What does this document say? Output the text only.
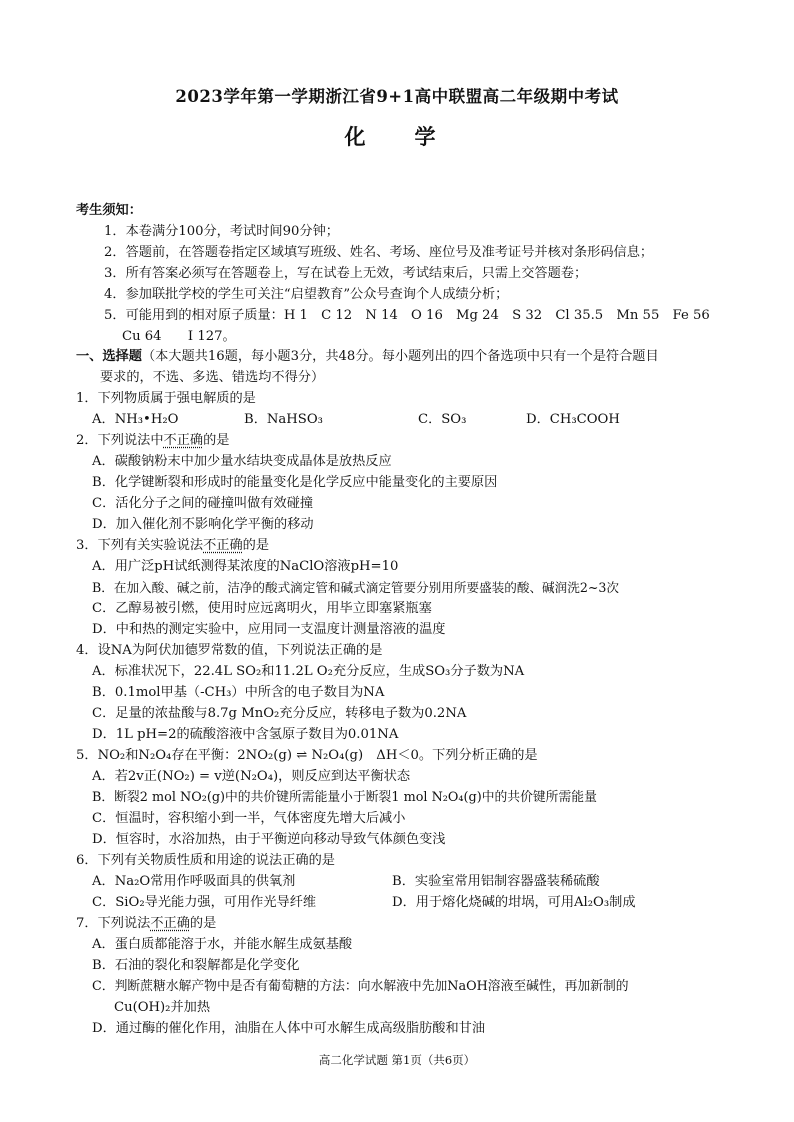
2023学年第一学期浙江省9+1高中联盟高二年级期中考试
化　学
考生须知：
1．本卷满分100分，考试时间90分钟；
2．答题前，在答题卷指定区域填写班级、姓名、考场、座位号及准考证号并核对条形码信息；
3．所有答案必须写在答题卷上，写在试卷上无效，考试结束后，只需上交答题卷；
4．参加联批学校的学生可关注“启望教育”公众号查询个人成绩分析；
5．可能用到的相对原子质量：H 1　C 12　N 14　O 16　Mg 24　S 32　Cl 35.5　Mn 55　Fe 56
Cu 64　　I 127。
一、选择题（本大题共16题，每小题3分，共48分。每小题列出的四个备选项中只有一个是符合题目
要求的，不选、多选、错选均不得分）
1．下列物质属于强电解质的是
A．NH₃•H₂O	B．NaHSO₃	C．SO₃	D．CH₃COOH
2．下列说法中不正确的是
A．碳酸钠粉末中加少量水结块变成晶体是放热反应
B．化学键断裂和形成时的能量变化是化学反应中能量变化的主要原因
C．活化分子之间的碰撞叫做有效碰撞
D．加入催化剂不影响化学平衡的移动
3．下列有关实验说法不正确的是
A．用广泛pH试纸测得某浓度的NaClO溶液pH=10
B．在加入酸、碱之前，洁净的酸式滴定管和碱式滴定管要分别用所要盛装的酸、碱润洗2~3次
C．乙醇易被引燃，使用时应远离明火，用毕立即塞紧瓶塞
D．中和热的测定实验中，应用同一支温度计测量溶液的温度
4．设NA为阿伏加德罗常数的值，下列说法正确的是
A．标准状况下，22.4L SO₂和11.2L O₂充分反应，生成SO₃分子数为NA
B．0.1mol甲基（-CH₃）中所含的电子数目为NA
C．足量的浓盐酸与8.7g MnO₂充分反应，转移电子数为0.2NA
D．1L pH=2的硫酸溶液中含氢原子数目为0.01NA
5．NO₂和N₂O₄存在平衡：2NO₂(g) ⇌ N₂O₄(g)　ΔH＜0。下列分析正确的是
A．若2v正(NO₂) = v逆(N₂O₄)，则反应到达平衡状态
B．断裂2 mol NO₂(g)中的共价键所需能量小于断裂1 mol N₂O₄(g)中的共价键所需能量
C．恒温时，容积缩小到一半，气体密度先增大后减小
D．恒容时，水浴加热，由于平衡逆向移动导致气体颜色变浅
6．下列有关物质性质和用途的说法正确的是
A．Na₂O常用作呼吸面具的供氧剂	B．实验室常用铝制容器盛装稀硫酸
C．SiO₂导光能力强，可用作光导纤维	D．用于熔化烧碱的坩埚，可用Al₂O₃制成
7．下列说法不正确的是
A．蛋白质都能溶于水，并能水解生成氨基酸
B．石油的裂化和裂解都是化学变化
C．判断蔗糖水解产物中是否有葡萄糖的方法：向水解液中先加NaOH溶液至碱性，再加新制的
Cu(OH)₂并加热
D．通过酶的催化作用，油脂在人体中可水解生成高级脂肪酸和甘油
高二化学试题 第1页（共6页）
